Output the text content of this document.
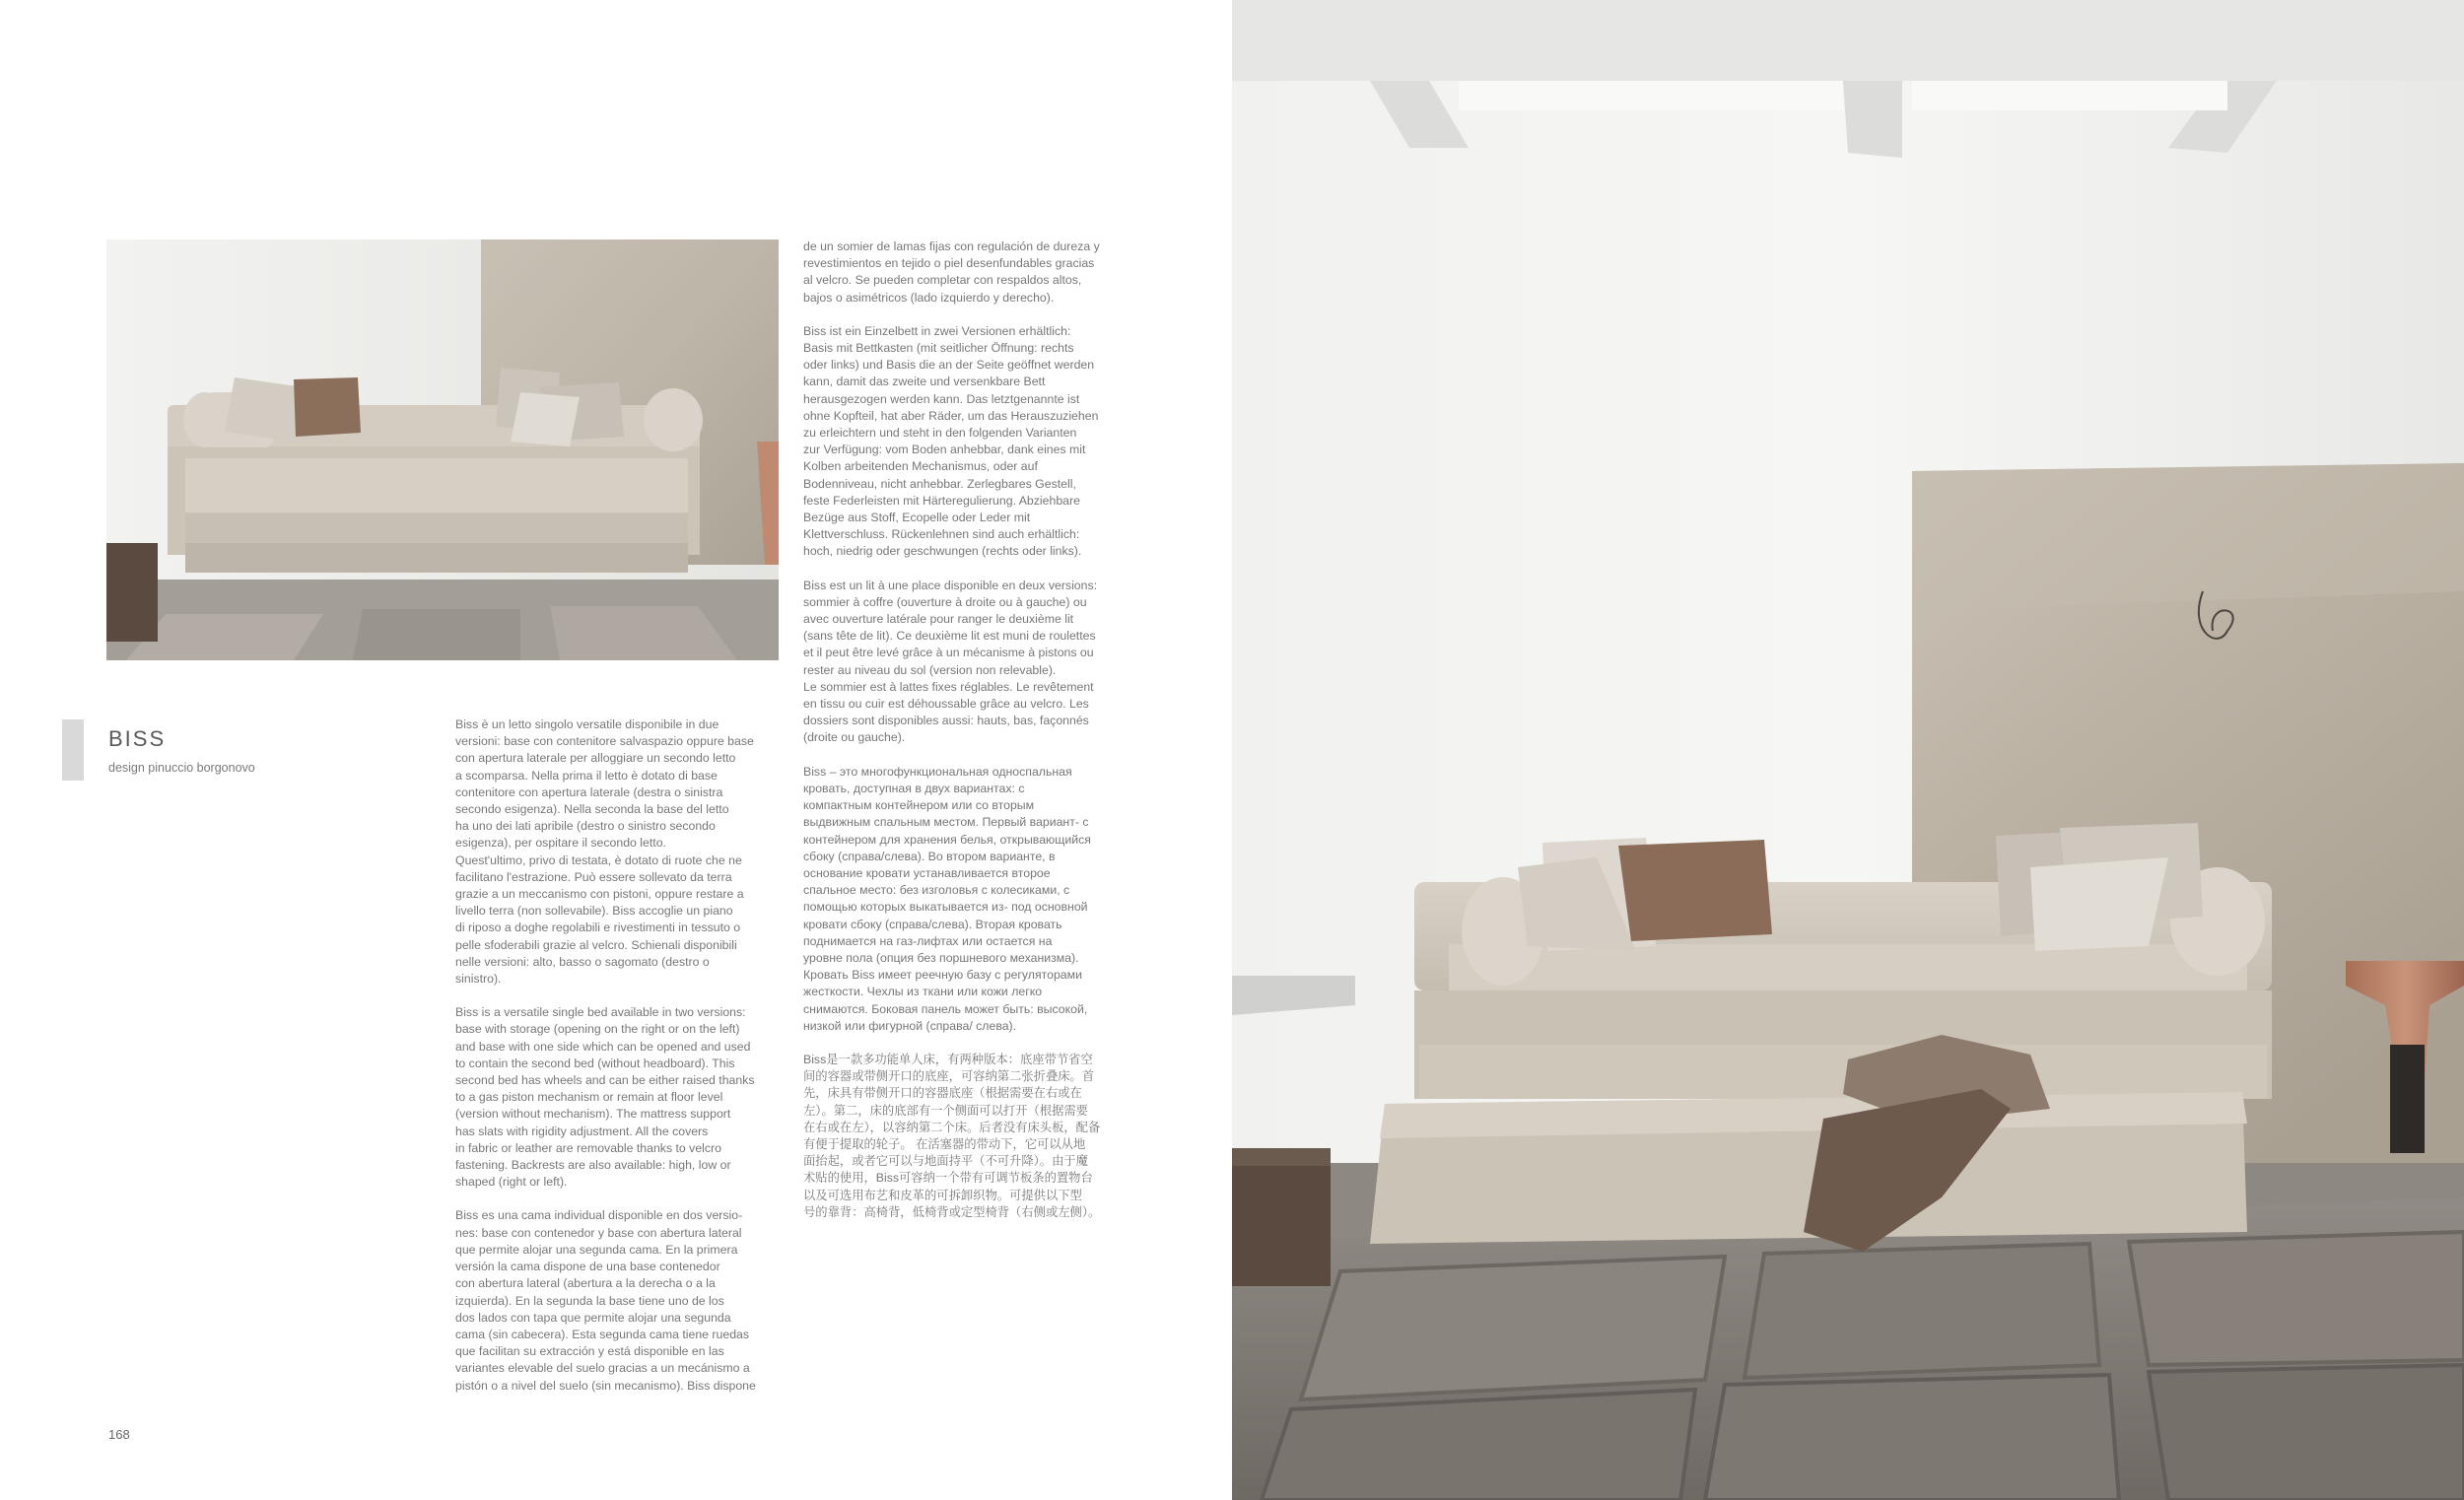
BISS
design pinuccio borgonovo

Biss è un letto singolo versatile disponibile in due
versioni: base con contenitore salvaspazio oppure base
con apertura laterale per alloggiare un secondo letto
a scomparsa. Nella prima il letto è dotato di base
contenitore con apertura laterale (destra o sinistra
secondo esigenza). Nella seconda la base del letto
ha uno dei lati apribile (destro o sinistro secondo
esigenza), per ospitare il secondo letto.
Quest'ultimo, privo di testata, è dotato di ruote che ne
facilitano l'estrazione. Può essere sollevato da terra
grazie a un meccanismo con pistoni, oppure restare a
livello terra (non sollevabile). Biss accoglie un piano
di riposo a doghe regolabili e rivestimenti in tessuto o
pelle sfoderabili grazie al velcro. Schienali disponibili
nelle versioni: alto, basso o sagomato (destro o
sinistro).

Biss is a versatile single bed available in two versions:
base with storage (opening on the right or on the left)
and base with one side which can be opened and used
to contain the second bed (without headboard). This
second bed has wheels and can be either raised thanks
to a gas piston mechanism or remain at floor level
(version without mechanism). The mattress support
has slats with rigidity adjustment. All the covers
in fabric or leather are removable thanks to velcro
fastening. Backrests are also available: high, low or
shaped (right or left).

Biss es una cama individual disponible en dos versio-
nes: base con contenedor y base con abertura lateral
que permite alojar una segunda cama. En la primera
versión la cama dispone de una base contenedor
con abertura lateral (abertura a la derecha o a la
izquierda). En la segunda la base tiene uno de los
dos lados con tapa que permite alojar una segunda
cama (sin cabecera). Esta segunda cama tiene ruedas
que facilitan su extracción y está disponible en las
variantes elevable del suelo gracias a un mecánismo a
pistón o a nivel del suelo (sin mecanismo). Biss dispone

de un somier de lamas fijas con regulación de dureza y
revestimientos en tejido o piel desenfundables gracias
al velcro. Se pueden completar con respaldos altos,
bajos o asimétricos (lado izquierdo y derecho).

Biss ist ein Einzelbett in zwei Versionen erhältlich:
Basis mit Bettkasten (mit seitlicher Öffnung: rechts
oder links) und Basis die an der Seite geöffnet werden
kann, damit das zweite und versenkbare Bett
herausgezogen werden kann. Das letztgenannte ist
ohne Kopfteil, hat aber Räder, um das Herauszuziehen
zu erleichtern und steht in den folgenden Varianten
zur Verfügung: vom Boden anhebbar, dank eines mit
Kolben arbeitenden Mechanismus, oder auf
Bodenniveau, nicht anhebbar. Zerlegbares Gestell,
feste Federleisten mit Härteregulierung. Abziehbare
Bezüge aus Stoff, Ecopelle oder Leder mit
Klettverschluss. Rückenlehnen sind auch erhältlich:
hoch, niedrig oder geschwungen (rechts oder links).

Biss est un lit à une place disponible en deux versions:
sommier à coffre (ouverture à droite ou à gauche) ou
avec ouverture latérale pour ranger le deuxième lit
(sans tête de lit). Ce deuxième lit est muni de roulettes
et il peut être levé grâce à un mécanisme à pistons ou
rester au niveau du sol (version non relevable).
Le sommier est à lattes fixes réglables. Le revêtement
en tissu ou cuir est déhoussable grâce au velcro. Les
dossiers sont disponibles aussi: hauts, bas, façonnés
(droite ou gauche).

Biss – это многофункциональная односпальная
кровать, доступная в двух вариантах: с
компактным контейнером или со вторым
выдвижным спальным местом. Первый вариант- с
контейнером для хранения белья, открывающийся
сбоку (справа/слева). Во втором варианте, в
основание кровати устанавливается второе
спальное место: без изголовья с колесиками, с
помощью которых выкатывается из- под основной
кровати сбоку (справа/слева). Вторая кровать
поднимается на газ-лифтах или остается на
уровне пола (опция без поршневого механизма).
Кровать Biss имеет реечную базу с регуляторами
жесткости. Чехлы из ткани или кожи легко
снимаются. Боковая панель может быть: высокой,
низкой или фигурной (справа/ слева).

Biss是一款多功能单人床，有两种版本：底座带节省空
间的容器或带侧开口的底座，可容纳第二张折叠床。首
先，床具有带侧开口的容器底座（根据需要在右或在
左）。第二，床的底部有一个侧面可以打开（根据需要
在右或在左），以容纳第二个床。后者没有床头板，配备
有便于提取的轮子。 在活塞器的带动下，它可以从地
面抬起，或者它可以与地面持平（不可升降）。由于魔
术贴的使用，Biss可容纳一个带有可调节板条的置物台
以及可选用布艺和皮革的可拆卸织物。可提供以下型
号的靠背：高椅背，低椅背或定型椅背（右侧或左侧）。

168
